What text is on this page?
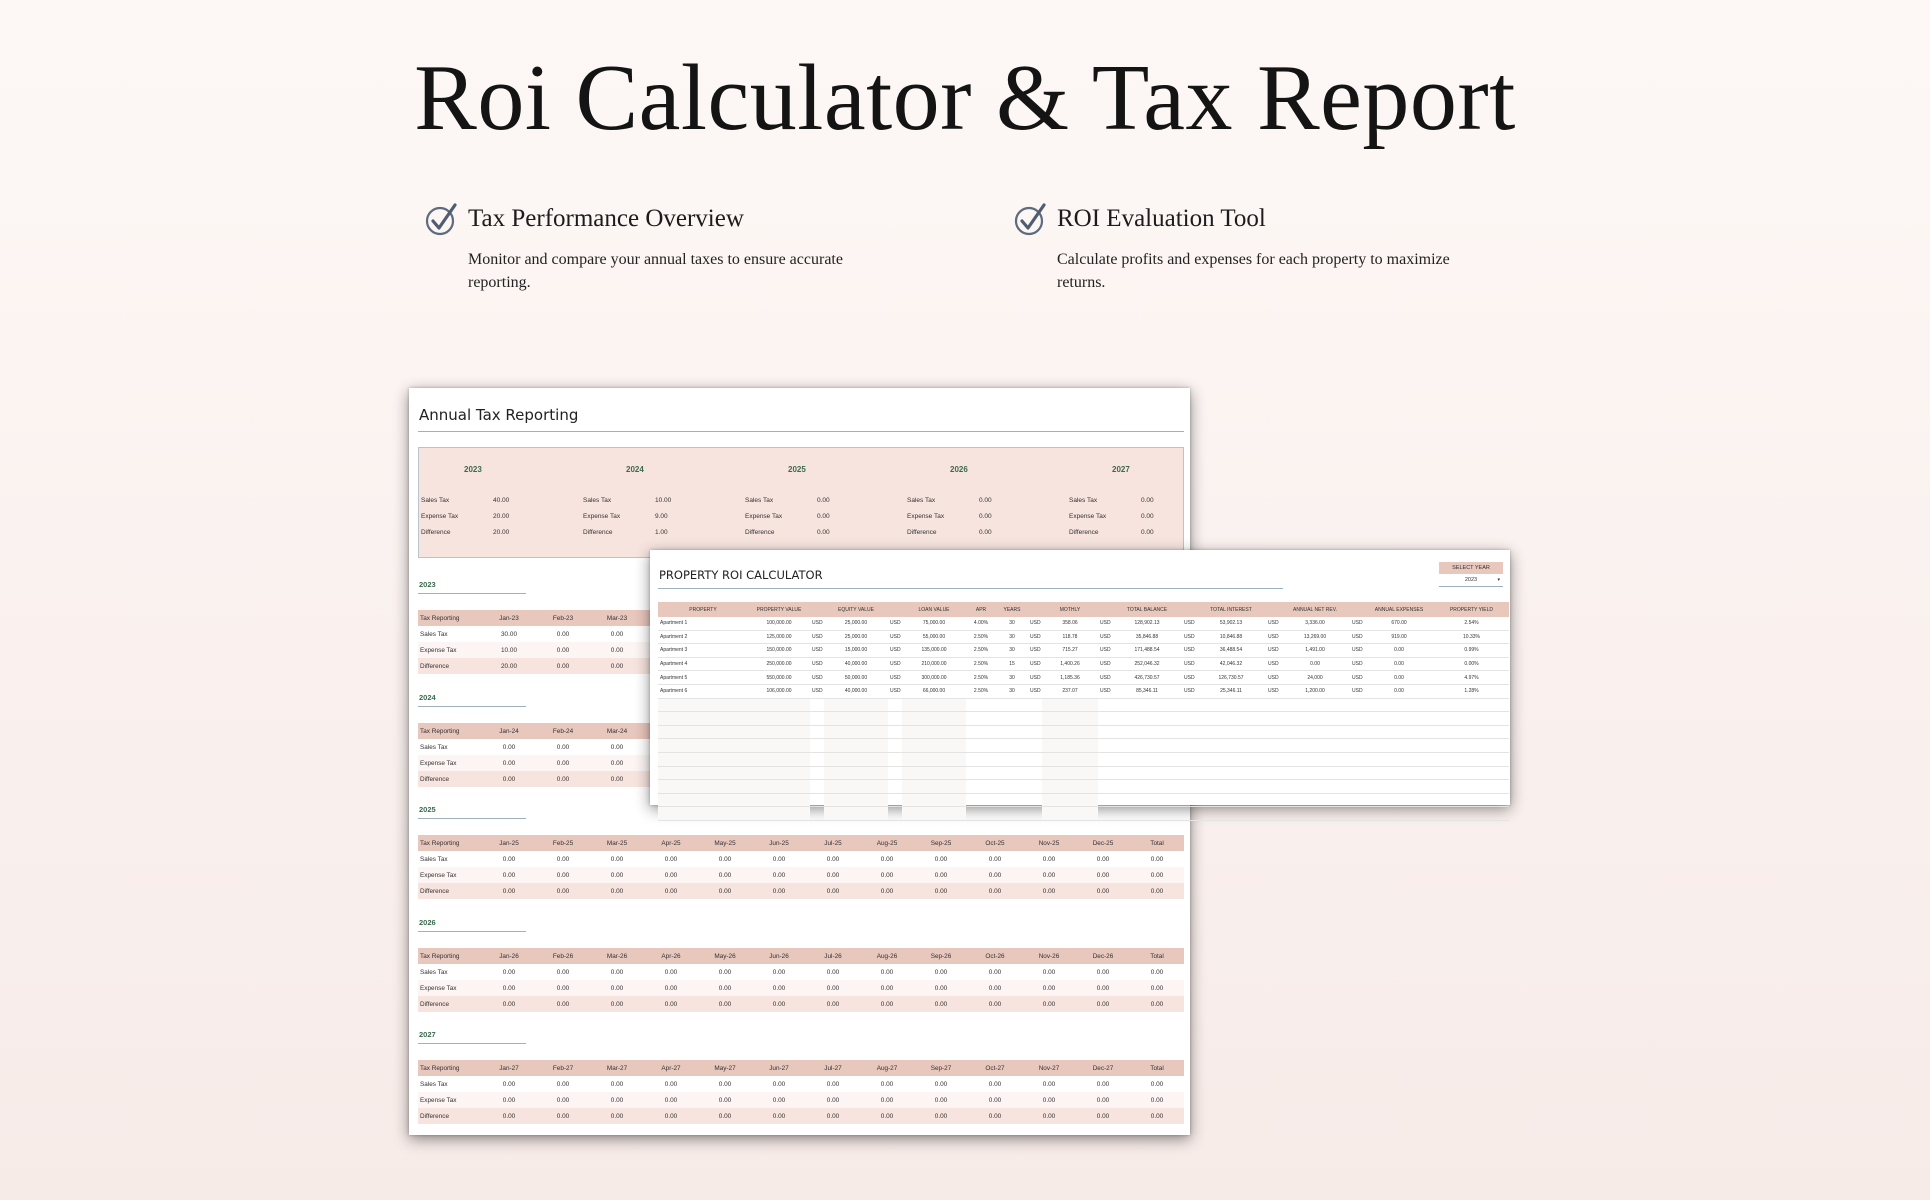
Roi Calculator & Tax Report
Tax Performance Overview
Monitor and compare your annual taxes to ensure accurate reporting.
ROI Evaluation Tool
Calculate profits and expenses for each property to maximize returns.
Annual Tax Reporting
2023
Sales Tax	40.00
Expense Tax	20.00
Difference	20.00
2024
Sales Tax	10.00
Expense Tax	9.00
Difference	1.00
2025
Sales Tax	0.00
Expense Tax	0.00
Difference	0.00
2026
Sales Tax	0.00
Expense Tax	0.00
Difference	0.00
2027
Sales Tax	0.00
Expense Tax	0.00
Difference	0.00
2023
Tax Reporting	Jan-23	Feb-23	Mar-23										
Sales Tax	30.00	0.00	0.00										
Expense Tax	10.00	0.00	0.00										
Difference	20.00	0.00	0.00										
2024
Tax Reporting	Jan-24	Feb-24	Mar-24										
Sales Tax	0.00	0.00	0.00										
Expense Tax	0.00	0.00	0.00										
Difference	0.00	0.00	0.00										
2025
Tax Reporting	Jan-25	Feb-25	Mar-25	Apr-25	May-25	Jun-25	Jul-25	Aug-25	Sep-25	Oct-25	Nov-25	Dec-25	Total
Sales Tax	0.00	0.00	0.00	0.00	0.00	0.00	0.00	0.00	0.00	0.00	0.00	0.00	0.00
Expense Tax	0.00	0.00	0.00	0.00	0.00	0.00	0.00	0.00	0.00	0.00	0.00	0.00	0.00
Difference	0.00	0.00	0.00	0.00	0.00	0.00	0.00	0.00	0.00	0.00	0.00	0.00	0.00
2026
Tax Reporting	Jan-26	Feb-26	Mar-26	Apr-26	May-26	Jun-26	Jul-26	Aug-26	Sep-26	Oct-26	Nov-26	Dec-26	Total
Sales Tax	0.00	0.00	0.00	0.00	0.00	0.00	0.00	0.00	0.00	0.00	0.00	0.00	0.00
Expense Tax	0.00	0.00	0.00	0.00	0.00	0.00	0.00	0.00	0.00	0.00	0.00	0.00	0.00
Difference	0.00	0.00	0.00	0.00	0.00	0.00	0.00	0.00	0.00	0.00	0.00	0.00	0.00
2027
Tax Reporting	Jan-27	Feb-27	Mar-27	Apr-27	May-27	Jun-27	Jul-27	Aug-27	Sep-27	Oct-27	Nov-27	Dec-27	Total
Sales Tax	0.00	0.00	0.00	0.00	0.00	0.00	0.00	0.00	0.00	0.00	0.00	0.00	0.00
Expense Tax	0.00	0.00	0.00	0.00	0.00	0.00	0.00	0.00	0.00	0.00	0.00	0.00	0.00
Difference	0.00	0.00	0.00	0.00	0.00	0.00	0.00	0.00	0.00	0.00	0.00	0.00	0.00
PROPERTY ROI CALCULATOR	SELECT YEAR
2023	▾
PROPERTY	PROPERTY VALUE		EQUITY VALUE		LOAN VALUE	APR	YEARS		MOTHLY		TOTAL BALANCE		TOTAL INTEREST		ANNUAL NET REV.		ANNUAL EXPENSES	PROPERTY YIELD
Apartment 1	100,000.00	USD	25,000.00	USD	75,000.00	4.00%	30	USD	358.06	USD	128,902.13	USD	53,902.13	USD	3,336.00	USD	670.00	2.54%
Apartment 2	125,000.00	USD	25,000.00	USD	55,000.00	2.50%	30	USD	118.78	USD	35,846.88	USD	10,846.88	USD	13,269.00	USD	919.00	10.33%
Apartment 3	150,000.00	USD	15,000.00	USD	135,000.00	2.50%	30	USD	715.27	USD	171,488.54	USD	36,488.54	USD	1,491.00	USD	0.00	0.99%
Apartment 4	250,000.00	USD	40,000.00	USD	210,000.00	2.50%	15	USD	1,400.26	USD	252,046.32	USD	42,046.32	USD	0.00	USD	0.00	0.00%
Apartment 5	550,000.00	USD	50,000.00	USD	300,000.00	2.50%	30	USD	1,185.36	USD	426,730.57	USD	126,730.57	USD	24,000	USD	0.00	4.97%
Apartment 6	106,000.00	USD	40,000.00	USD	66,000.00	2.50%	30	USD	237.07	USD	85,346.11	USD	25,346.11	USD	1,200.00	USD	0.00	1.28%
